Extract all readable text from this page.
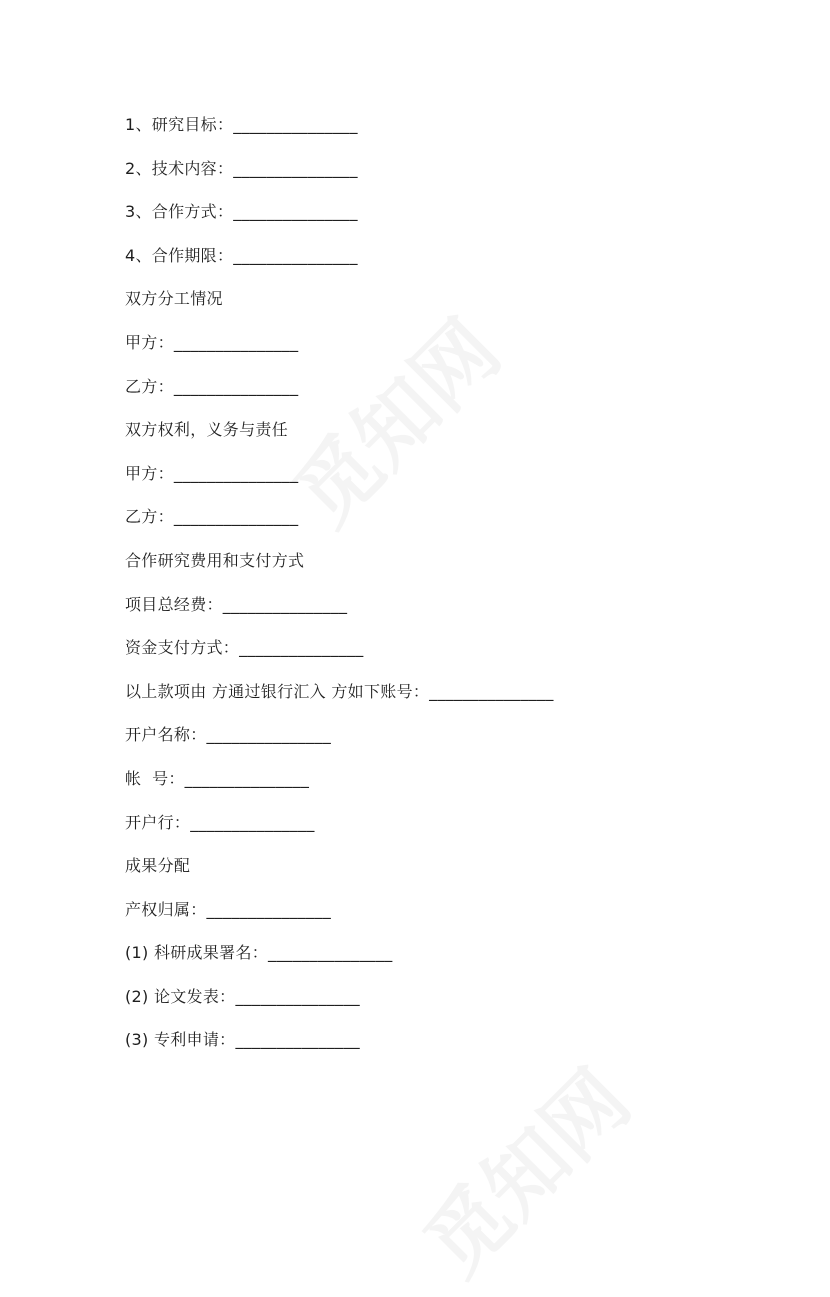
1、研究目标：_______________
2、技术内容：_______________
3、合作方式：_______________
4、合作期限：_______________
双方分工情况
甲方：_______________
乙方：_______________
双方权利，义务与责任
甲方：_______________
乙方：_______________
合作研究费用和支付方式
项目总经费：_______________
资金支付方式：_______________
以上款项由 方通过银行汇入 方如下账号：_______________
开户名称：_______________
帐  号：_______________
开户行：_______________
成果分配
产权归属：_______________
(1) 科研成果署名：_______________
(2) 论文发表：_______________
(3) 专利申请：_______________
